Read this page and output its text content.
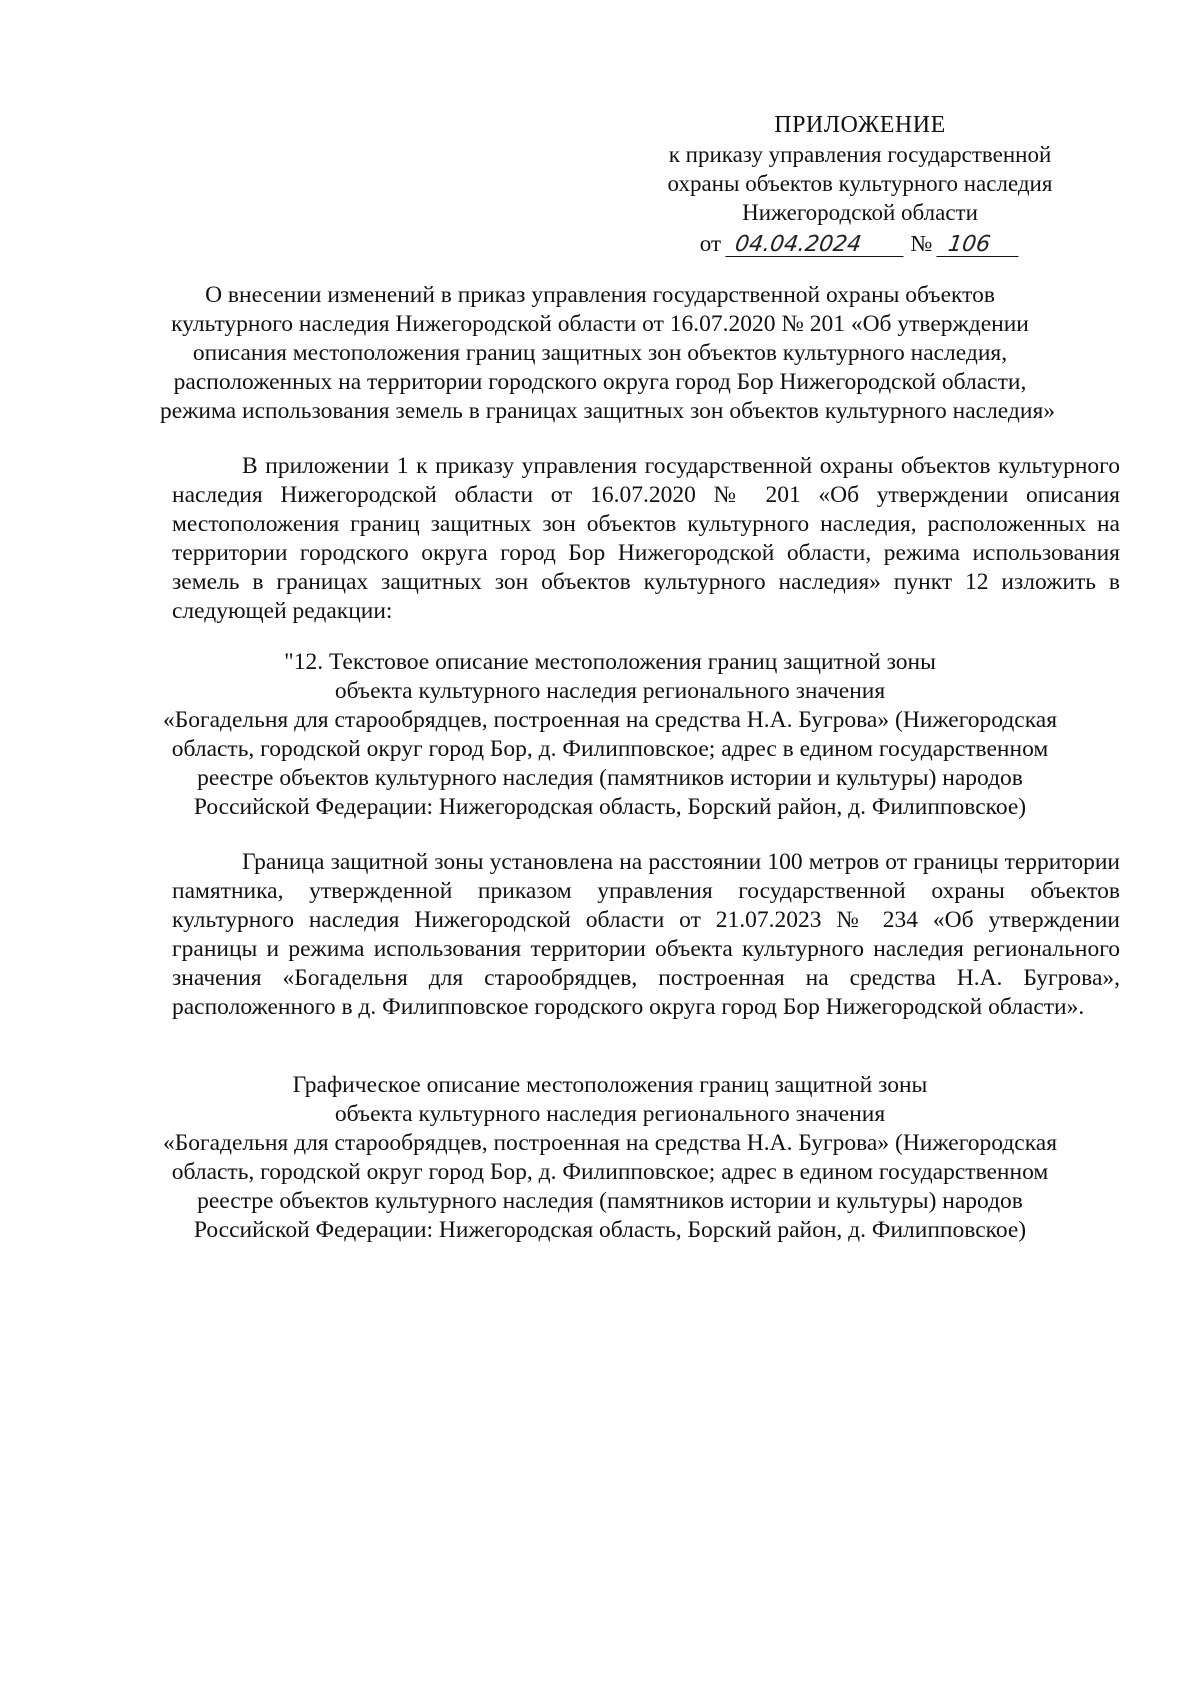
ПРИЛОЖЕНИЕ
к приказу управления государственной
охраны объектов культурного наследия
Нижегородской области
от 04.04.2024 № 106
О внесении изменений в приказ управления государственной охраны объектов
культурного наследия Нижегородской области от 16.07.2020 № 201 «Об утверждении
описания местоположения границ защитных зон объектов культурного наследия,
расположенных на территории городского округа город Бор Нижегородской области,
режима использования земель в границах защитных зон объектов культурного наследия»
В приложении 1 к приказу управления государственной охраны объектов культурного наследия Нижегородской области от 16.07.2020 № 201 «Об утверждении описания местоположения границ защитных зон объектов культурного наследия, расположенных на территории городского округа город Бор Нижегородской области, режима использования земель в границах защитных зон объектов культурного наследия» пункт 12 изложить в следующей редакции:
"12. Текстовое описание местоположения границ защитной зоны
объекта культурного наследия регионального значения
«Богадельня для старообрядцев, построенная на средства Н.А. Бугрова» (Нижегородская
область, городской округ город Бор, д. Филипповское; адрес в едином государственном
реестре объектов культурного наследия (памятников истории и культуры) народов
Российской Федерации: Нижегородская область, Борский район, д. Филипповское)
Граница защитной зоны установлена на расстоянии 100 метров от границы территории памятника, утвержденной приказом управления государственной охраны объектов культурного наследия Нижегородской области от 21.07.2023 № 234 «Об утверждении границы и режима использования территории объекта культурного наследия регионального значения «Богадельня для старообрядцев, построенная на средства Н.А. Бугрова», расположенного в д. Филипповское городского округа город Бор Нижегородской области».
Графическое описание местоположения границ защитной зоны
объекта культурного наследия регионального значения
«Богадельня для старообрядцев, построенная на средства Н.А. Бугрова» (Нижегородская
область, городской округ город Бор, д. Филипповское; адрес в едином государственном
реестре объектов культурного наследия (памятников истории и культуры) народов
Российской Федерации: Нижегородская область, Борский район, д. Филипповское)
